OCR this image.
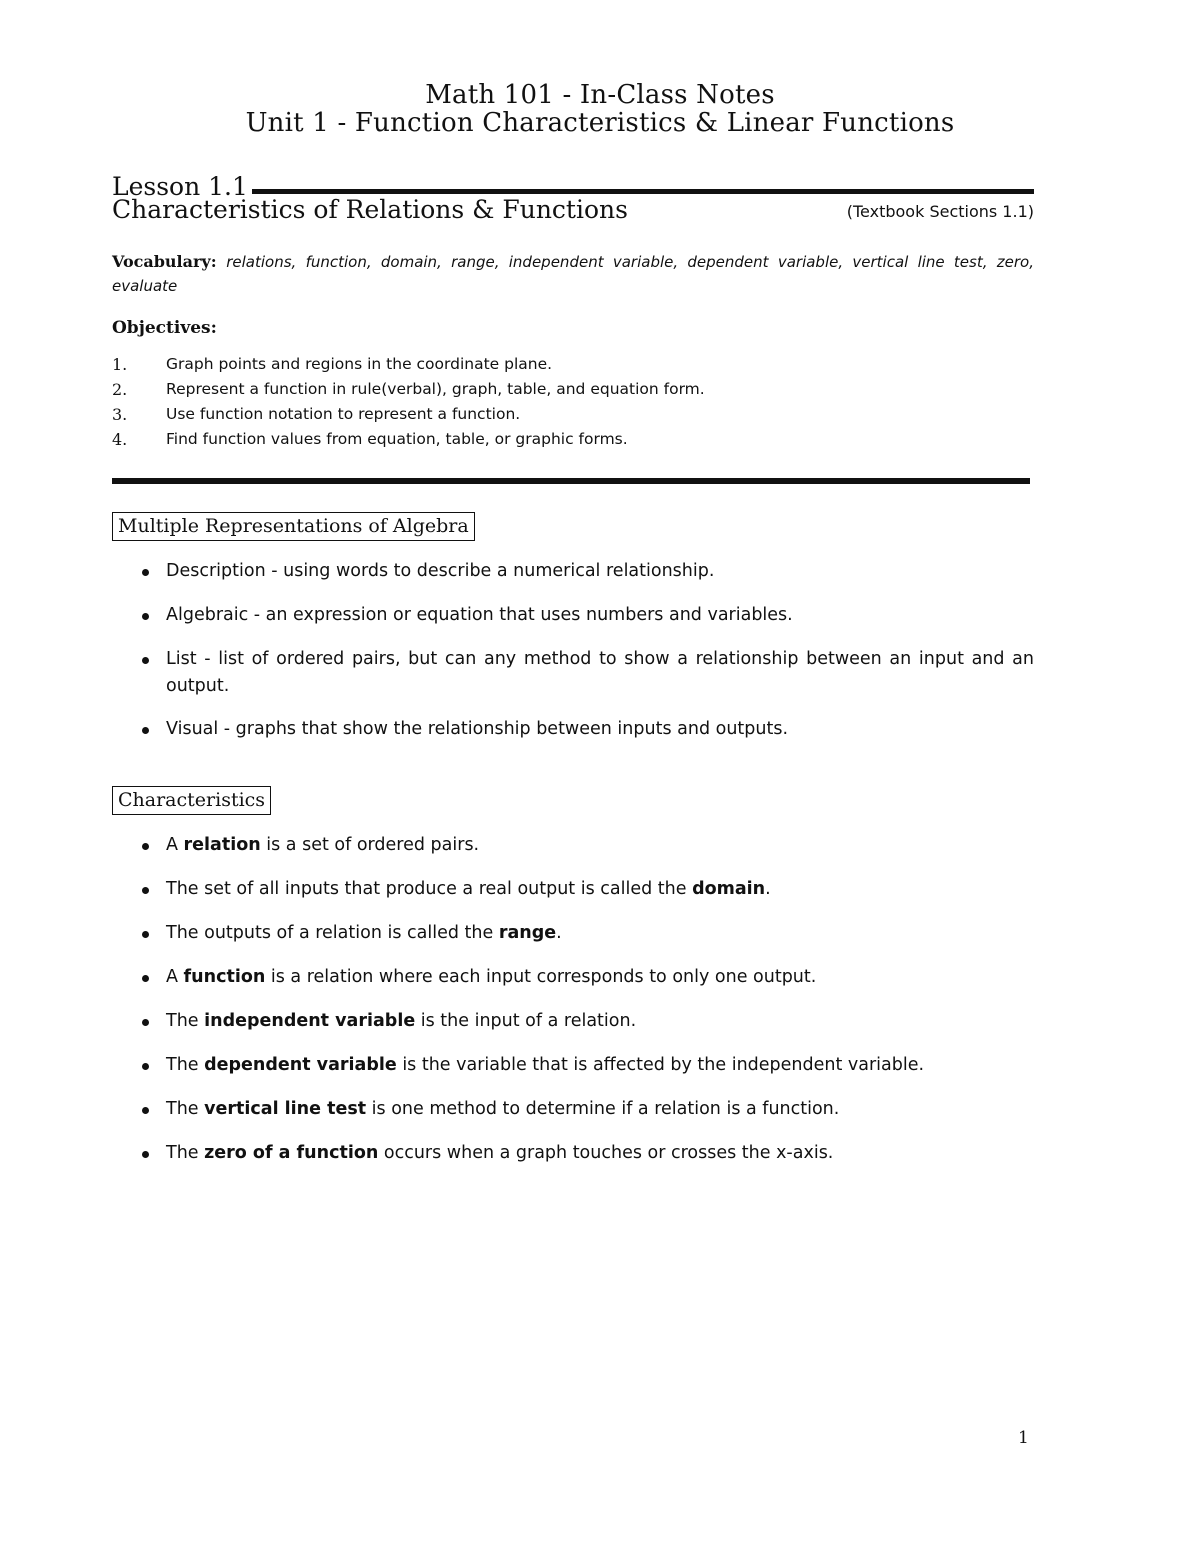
Math 101 - In-Class Notes
Unit 1 - Function Characteristics & Linear Functions
Lesson 1.1
Characteristics of Relations & Functions	(Textbook Sections 1.1)
Vocabulary: relations, function, domain, range, independent variable, dependent variable, vertical line test, zero, evaluate
Objectives:
1.	Graph points and regions in the coordinate plane.
2.	Represent a function in rule(verbal), graph, table, and equation form.
3.	Use function notation to represent a function.
4.	Find function values from equation, table, or graphic forms.
Multiple Representations of Algebra
Description - using words to describe a numerical relationship.
Algebraic - an expression or equation that uses numbers and variables.
List - list of ordered pairs, but can any method to show a relationship between an input and an output.
Visual - graphs that show the relationship between inputs and outputs.
Characteristics
A relation is a set of ordered pairs.
The set of all inputs that produce a real output is called the domain.
The outputs of a relation is called the range.
A function is a relation where each input corresponds to only one output.
The independent variable is the input of a relation.
The dependent variable is the variable that is affected by the independent variable.
The vertical line test is one method to determine if a relation is a function.
The zero of a function occurs when a graph touches or crosses the x-axis.
1
